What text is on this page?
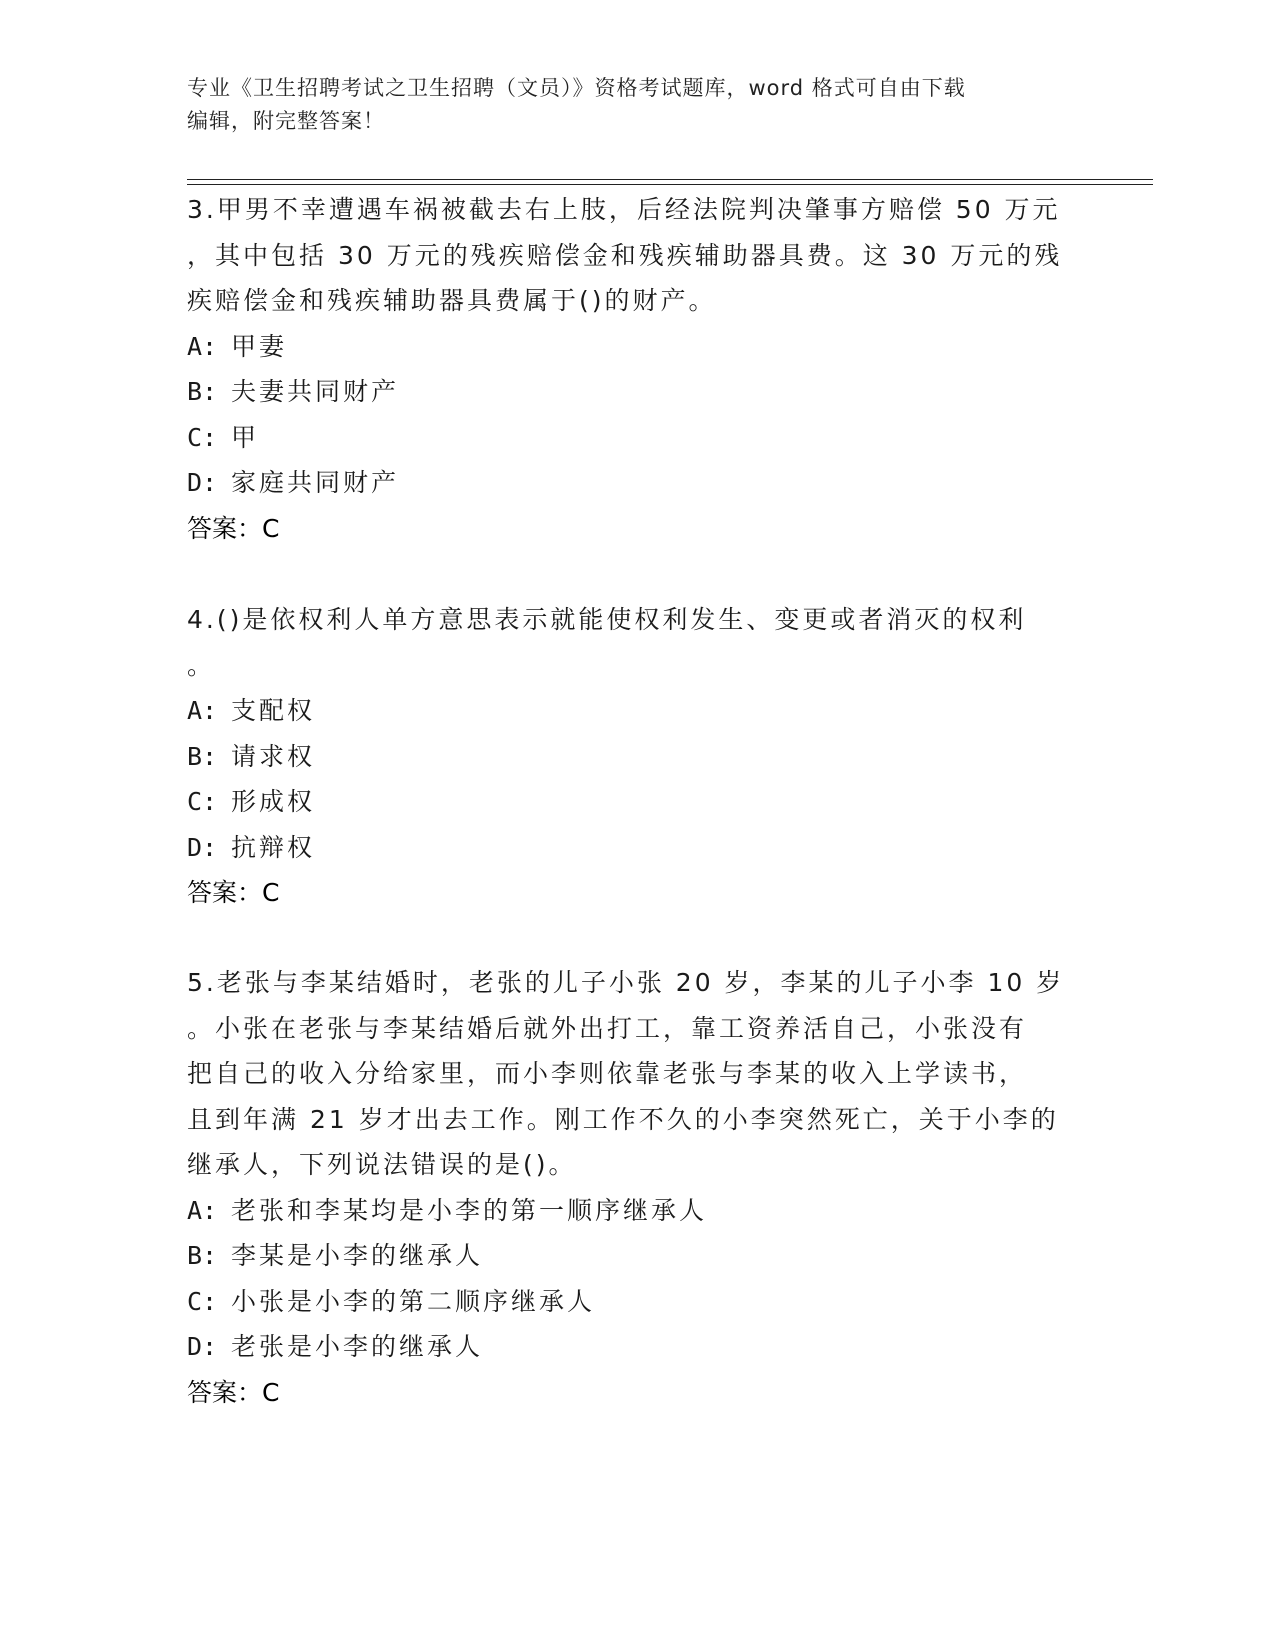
专业《卫生招聘考试之卫生招聘（文员）》资格考试题库，word 格式可自由下载
编辑，附完整答案！
3.甲男不幸遭遇车祸被截去右上肢，后经法院判决肇事方赔偿 50 万元
，其中包括 30 万元的残疾赔偿金和残疾辅助器具费。这 30 万元的残
疾赔偿金和残疾辅助器具费属于()的财产。
A: 甲妻
B: 夫妻共同财产
C: 甲
D: 家庭共同财产
答案：C
4.()是依权利人单方意思表示就能使权利发生、变更或者消灭的权利
。
A: 支配权
B: 请求权
C: 形成权
D: 抗辩权
答案：C
5.老张与李某结婚时，老张的儿子小张 20 岁，李某的儿子小李 10 岁
。小张在老张与李某结婚后就外出打工，靠工资养活自己，小张没有
把自己的收入分给家里，而小李则依靠老张与李某的收入上学读书，
且到年满 21 岁才出去工作。刚工作不久的小李突然死亡，关于小李的
继承人，下列说法错误的是()。
A: 老张和李某均是小李的第一顺序继承人
B: 李某是小李的继承人
C: 小张是小李的第二顺序继承人
D: 老张是小李的继承人
答案：C
